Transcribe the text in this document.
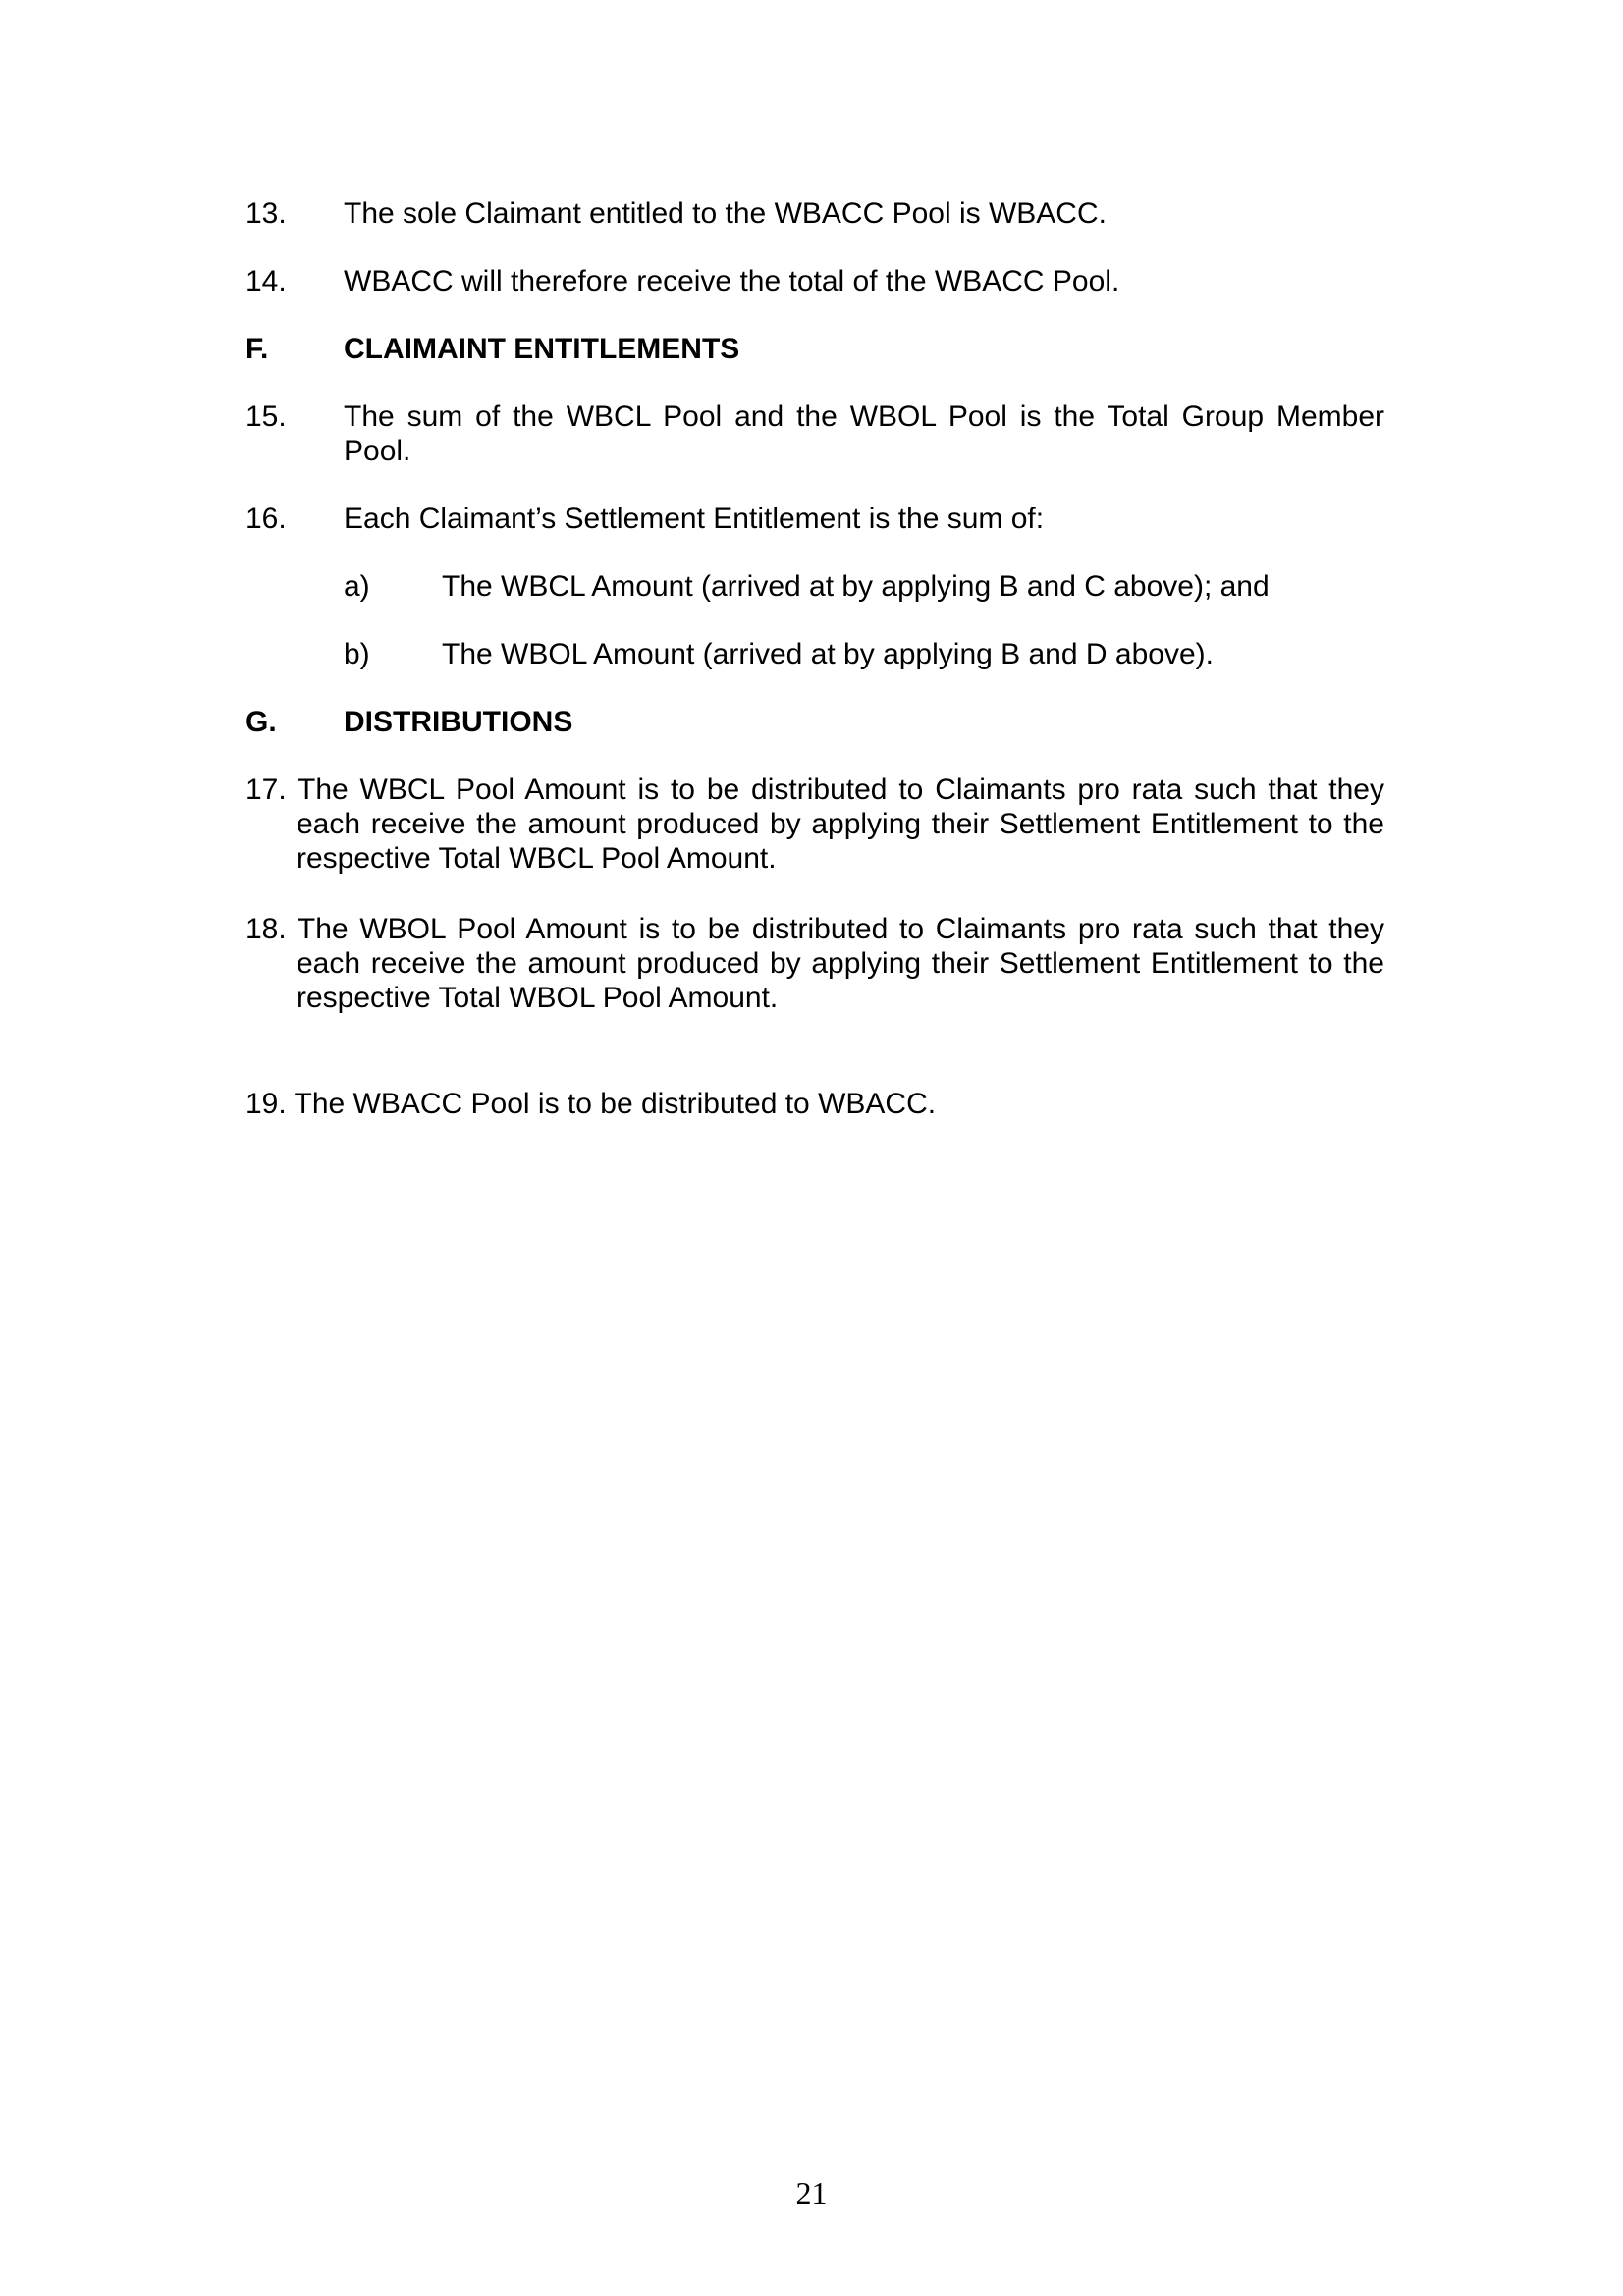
13.	The sole Claimant entitled to the WBACC Pool is WBACC.

14.	WBACC will therefore receive the total of the WBACC Pool.

F.	CLAIMAINT ENTITLEMENTS

15.	The sum of the WBCL Pool and the WBOL Pool is the Total Group Member Pool.

16.	Each Claimant’s Settlement Entitlement is the sum of:

a)	The WBCL Amount (arrived at by applying B and C above); and

b)	The WBOL Amount (arrived at by applying B and D above).

G.	DISTRIBUTIONS

17. The WBCL Pool Amount is to be distributed to Claimants pro rata such that they each receive the amount produced by applying their Settlement Entitlement to the respective Total WBCL Pool Amount.

18. The WBOL Pool Amount is to be distributed to Claimants pro rata such that they each receive the amount produced by applying their Settlement Entitlement to the respective Total WBOL Pool Amount.

19. The WBACC Pool is to be distributed to WBACC.

21
